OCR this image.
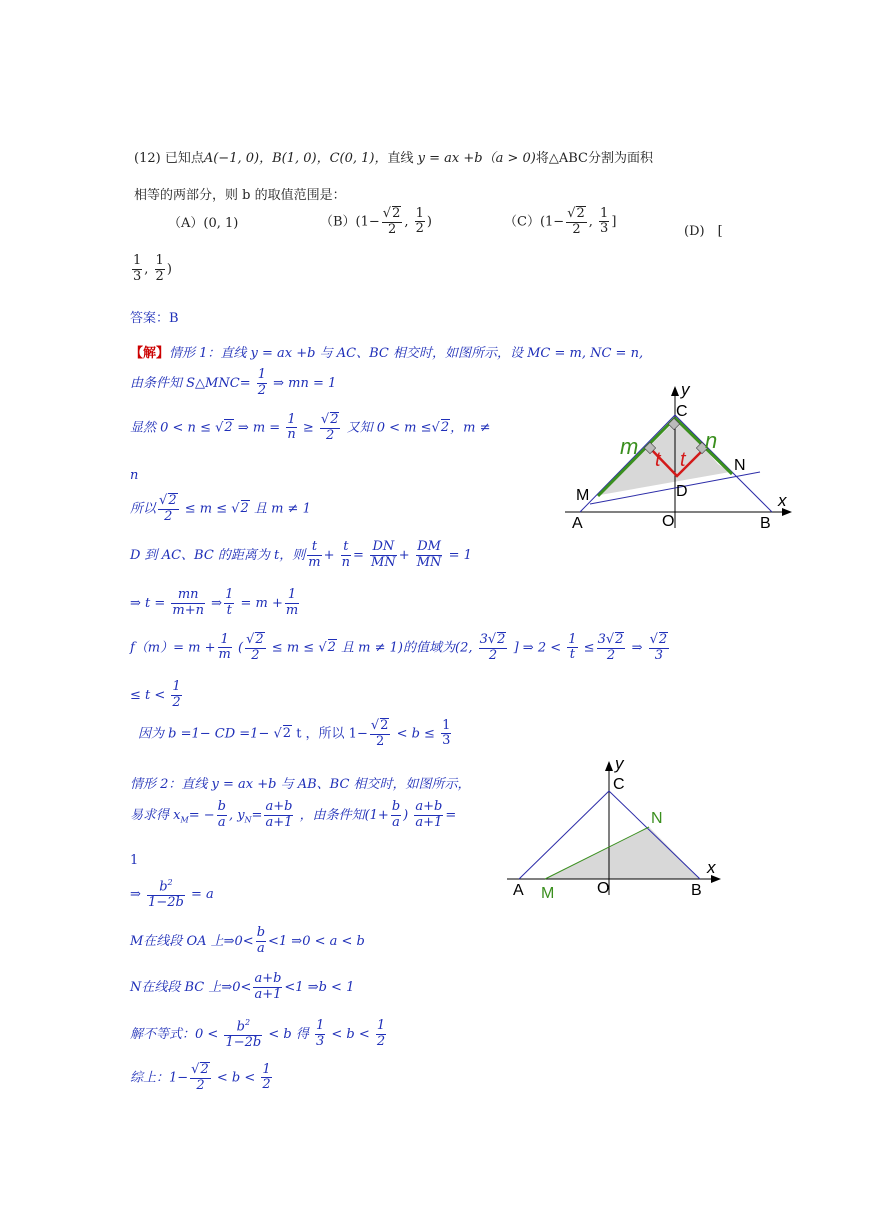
(12) 已知点A(−1, 0)，B(1, 0)，C(0, 1)，直线 y = ax +b（a > 0)将△ABC分割为面积
相等的两部分，则 b 的取值范围是：
（A）(0, 1)	$(B)(1- \frac{√2}{2}$ , $\frac{1}{2}$ )	$(C)(1- \frac{√2}{2}$ , $\frac{1}{3}$ ]
(D)　[
$\frac{1}{3}$ , $\frac{1}{2}$ )
答案：B
【解】情形 1：直线 y = ax +b 与 AC、BC 相交时，如图所示，设 MC = m, NC = n,
由条件知 S△MNC= $\frac{1}{2}$ ⇒ mn = 1
显然 0 < n ≤ √2 ⇒ $m = \frac{1}{n} \ge \frac{√2}{2}$ 又知 0 < m ≤√2，m ≠
n
所以 $\frac{√2}{2} \le m \le √2$ 且 m ≠ 1
D 到 AC、BC 的距离为 t，则 $\frac{t}{m} + \frac{t}{n} = \frac{DN}{MN} + \frac{DM}{MN} = 1$
⇒ $t = \frac{mn}{m+n}$ ⇒ $\frac{1}{t} = m + \frac{1}{m}$
$f(m)= m + \frac{1}{m}$ ( $\frac{√2}{2} \le m \le √2$ 且 m ≠ 1)的值域为(2, $\frac{3√2}{2}$ ] ⇒ $2 < \frac{1}{t} \le \frac{3√2}{2}$ ⇒ $\frac{√2}{3}$
≤ $t < \frac{1}{2}$
因为 b =1− CD =1− √2 t ，所以 $1- \frac{√2}{2} < b \le \frac{1}{3}$
情形 2：直线 y = ax +b 与 AB、BC 相交时，如图所示，
易求得 $x_M= - \frac{b}{a}$ , $y_N= \frac{a+b}{a+1}$ ，由条件知($1+ \frac{b}{a}$ ) $\frac{a+b}{a+1}$ =
1
⇒ $\frac{b^2}{1-2b} = a$
M在线段 OA 上⇒0< $\frac{b}{a} <1$ ⇒0 < a < b
N在线段 BC 上⇒0< $\frac{a+b}{a+1} <1$ ⇒b < 1
解不等式：$0 < \frac{b^2}{1-2b} < b$ 得 $\frac{1}{3} < b < \frac{1}{2}$
综上：$1- \frac{√2}{2} < b < \frac{1}{2}$
y
x
C
m	n
t t	N
M	D
A	O	B
y
x
C
N
A M	O	B
